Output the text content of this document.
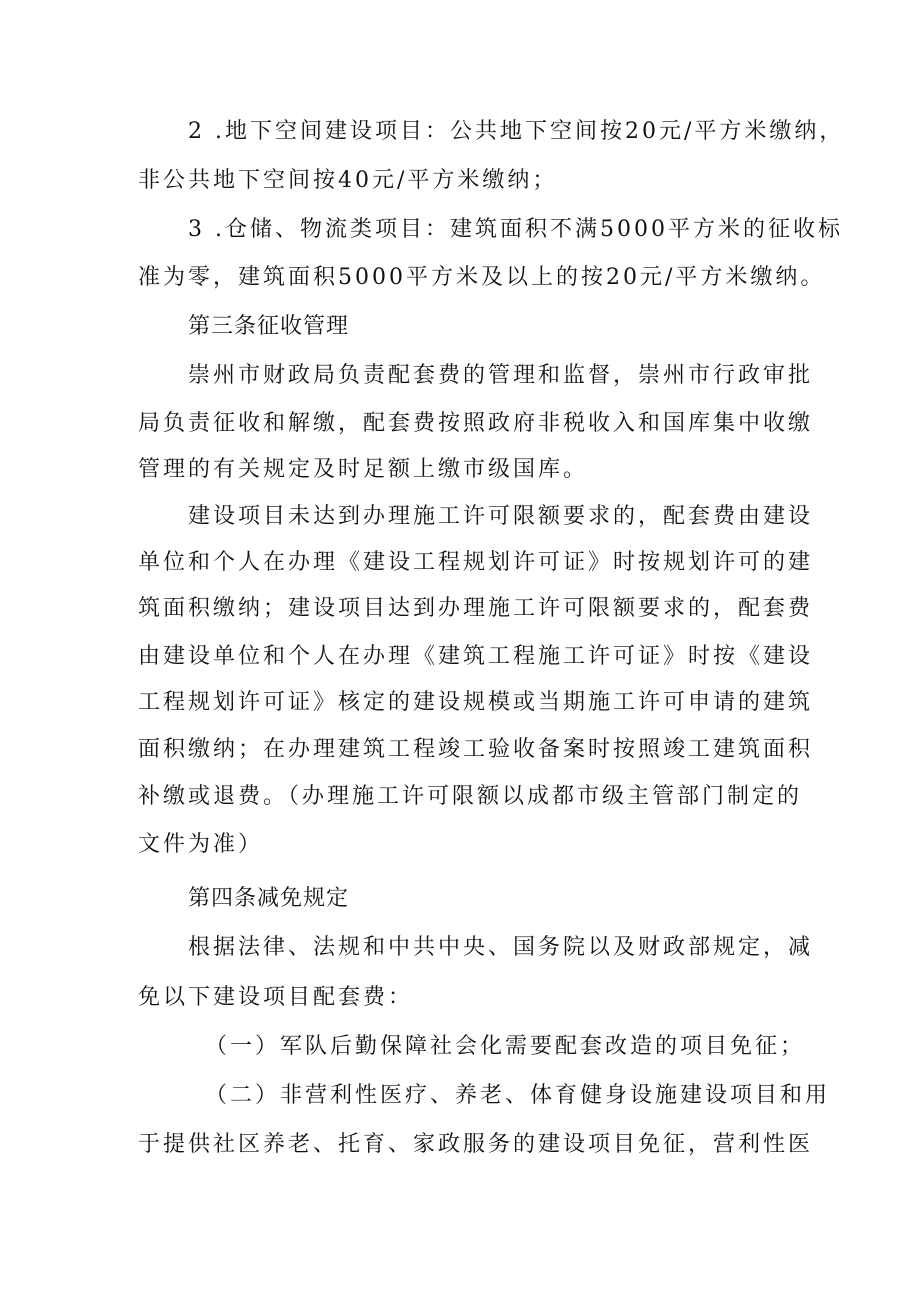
2 .地下空间建设项目：公共地下空间按20元/平方米缴纳，

非公共地下空间按40元/平方米缴纳；

3 .仓储、物流类项目：建筑面积不满5000平方米的征收标

准为零，建筑面积5000平方米及以上的按20元/平方米缴纳。

第三条征收管理

崇州市财政局负责配套费的管理和监督，崇州市行政审批

局负责征收和解缴，配套费按照政府非税收入和国库集中收缴

管理的有关规定及时足额上缴市级国库。

建设项目未达到办理施工许可限额要求的，配套费由建设

单位和个人在办理《建设工程规划许可证》时按规划许可的建

筑面积缴纳；建设项目达到办理施工许可限额要求的，配套费

由建设单位和个人在办理《建筑工程施工许可证》时按《建设

工程规划许可证》核定的建设规模或当期施工许可申请的建筑

面积缴纳；在办理建筑工程竣工验收备案时按照竣工建筑面积

补缴或退费。（办理施工许可限额以成都市级主管部门制定的

文件为准）

第四条减免规定

根据法律、法规和中共中央、国务院以及财政部规定，减

免以下建设项目配套费：

（一）军队后勤保障社会化需要配套改造的项目免征；

（二）非营利性医疗、养老、体育健身设施建设项目和用

于提供社区养老、托育、家政服务的建设项目免征，营利性医
